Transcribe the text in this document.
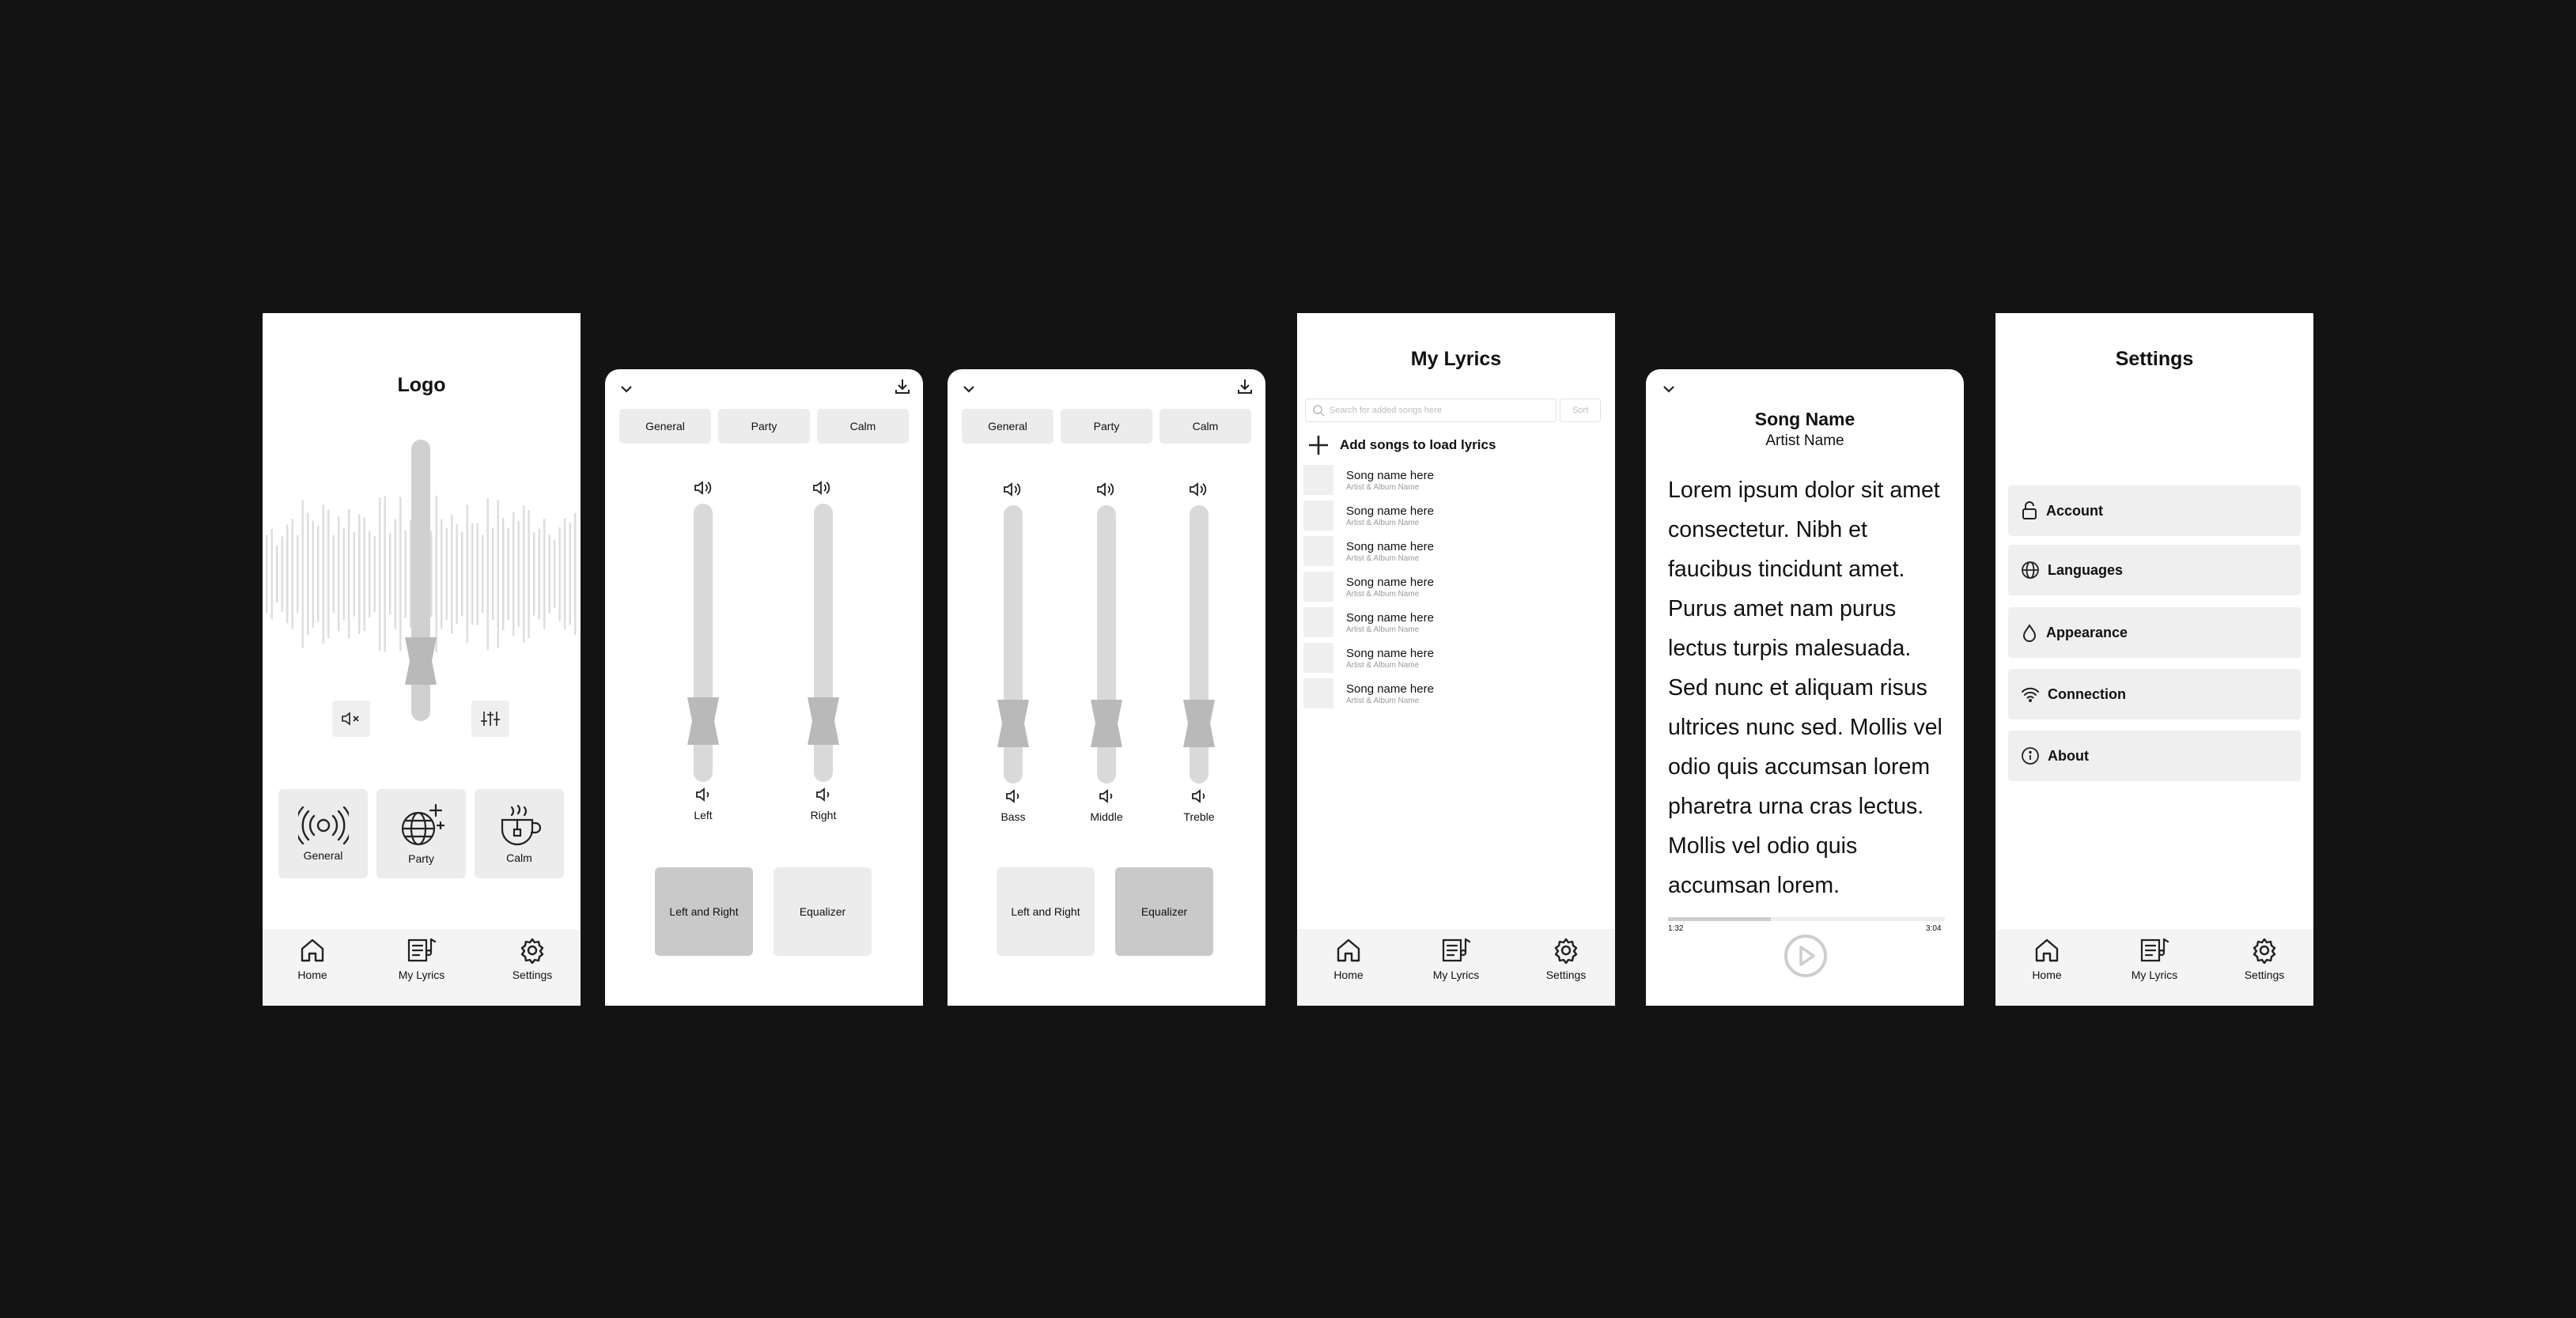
Logo
General	Party	Calm
Home	My Lyrics	Settings
General	Party	Calm
Left	Right
Left and Right	Equalizer
General	Party	Calm
Bass	Middle	Treble
Left and Right	Equalizer
My Lyrics
Search for added songs here	Sort
Add songs to load lyrics
Song name here
Artist & Album Name
Song name here
Artist & Album Name
Song name here
Artist & Album Name
Song name here
Artist & Album Name
Song name here
Artist & Album Name
Song name here
Artist & Album Name
Song name here
Artist & Album Name
Home	My Lyrics	Settings
Song Name
Artist Name
Lorem ipsum dolor sit amet consectetur. Nibh et faucibus tincidunt amet. Purus amet nam purus lectus turpis malesuada. Sed nunc et aliquam risus ultrices nunc sed. Mollis vel odio quis accumsan lorem pharetra urna cras lectus. Mollis vel odio quis accumsan lorem.
1:32	3:04
Settings
Account
Languages
Appearance
Connection
About
Home	My Lyrics	Settings
